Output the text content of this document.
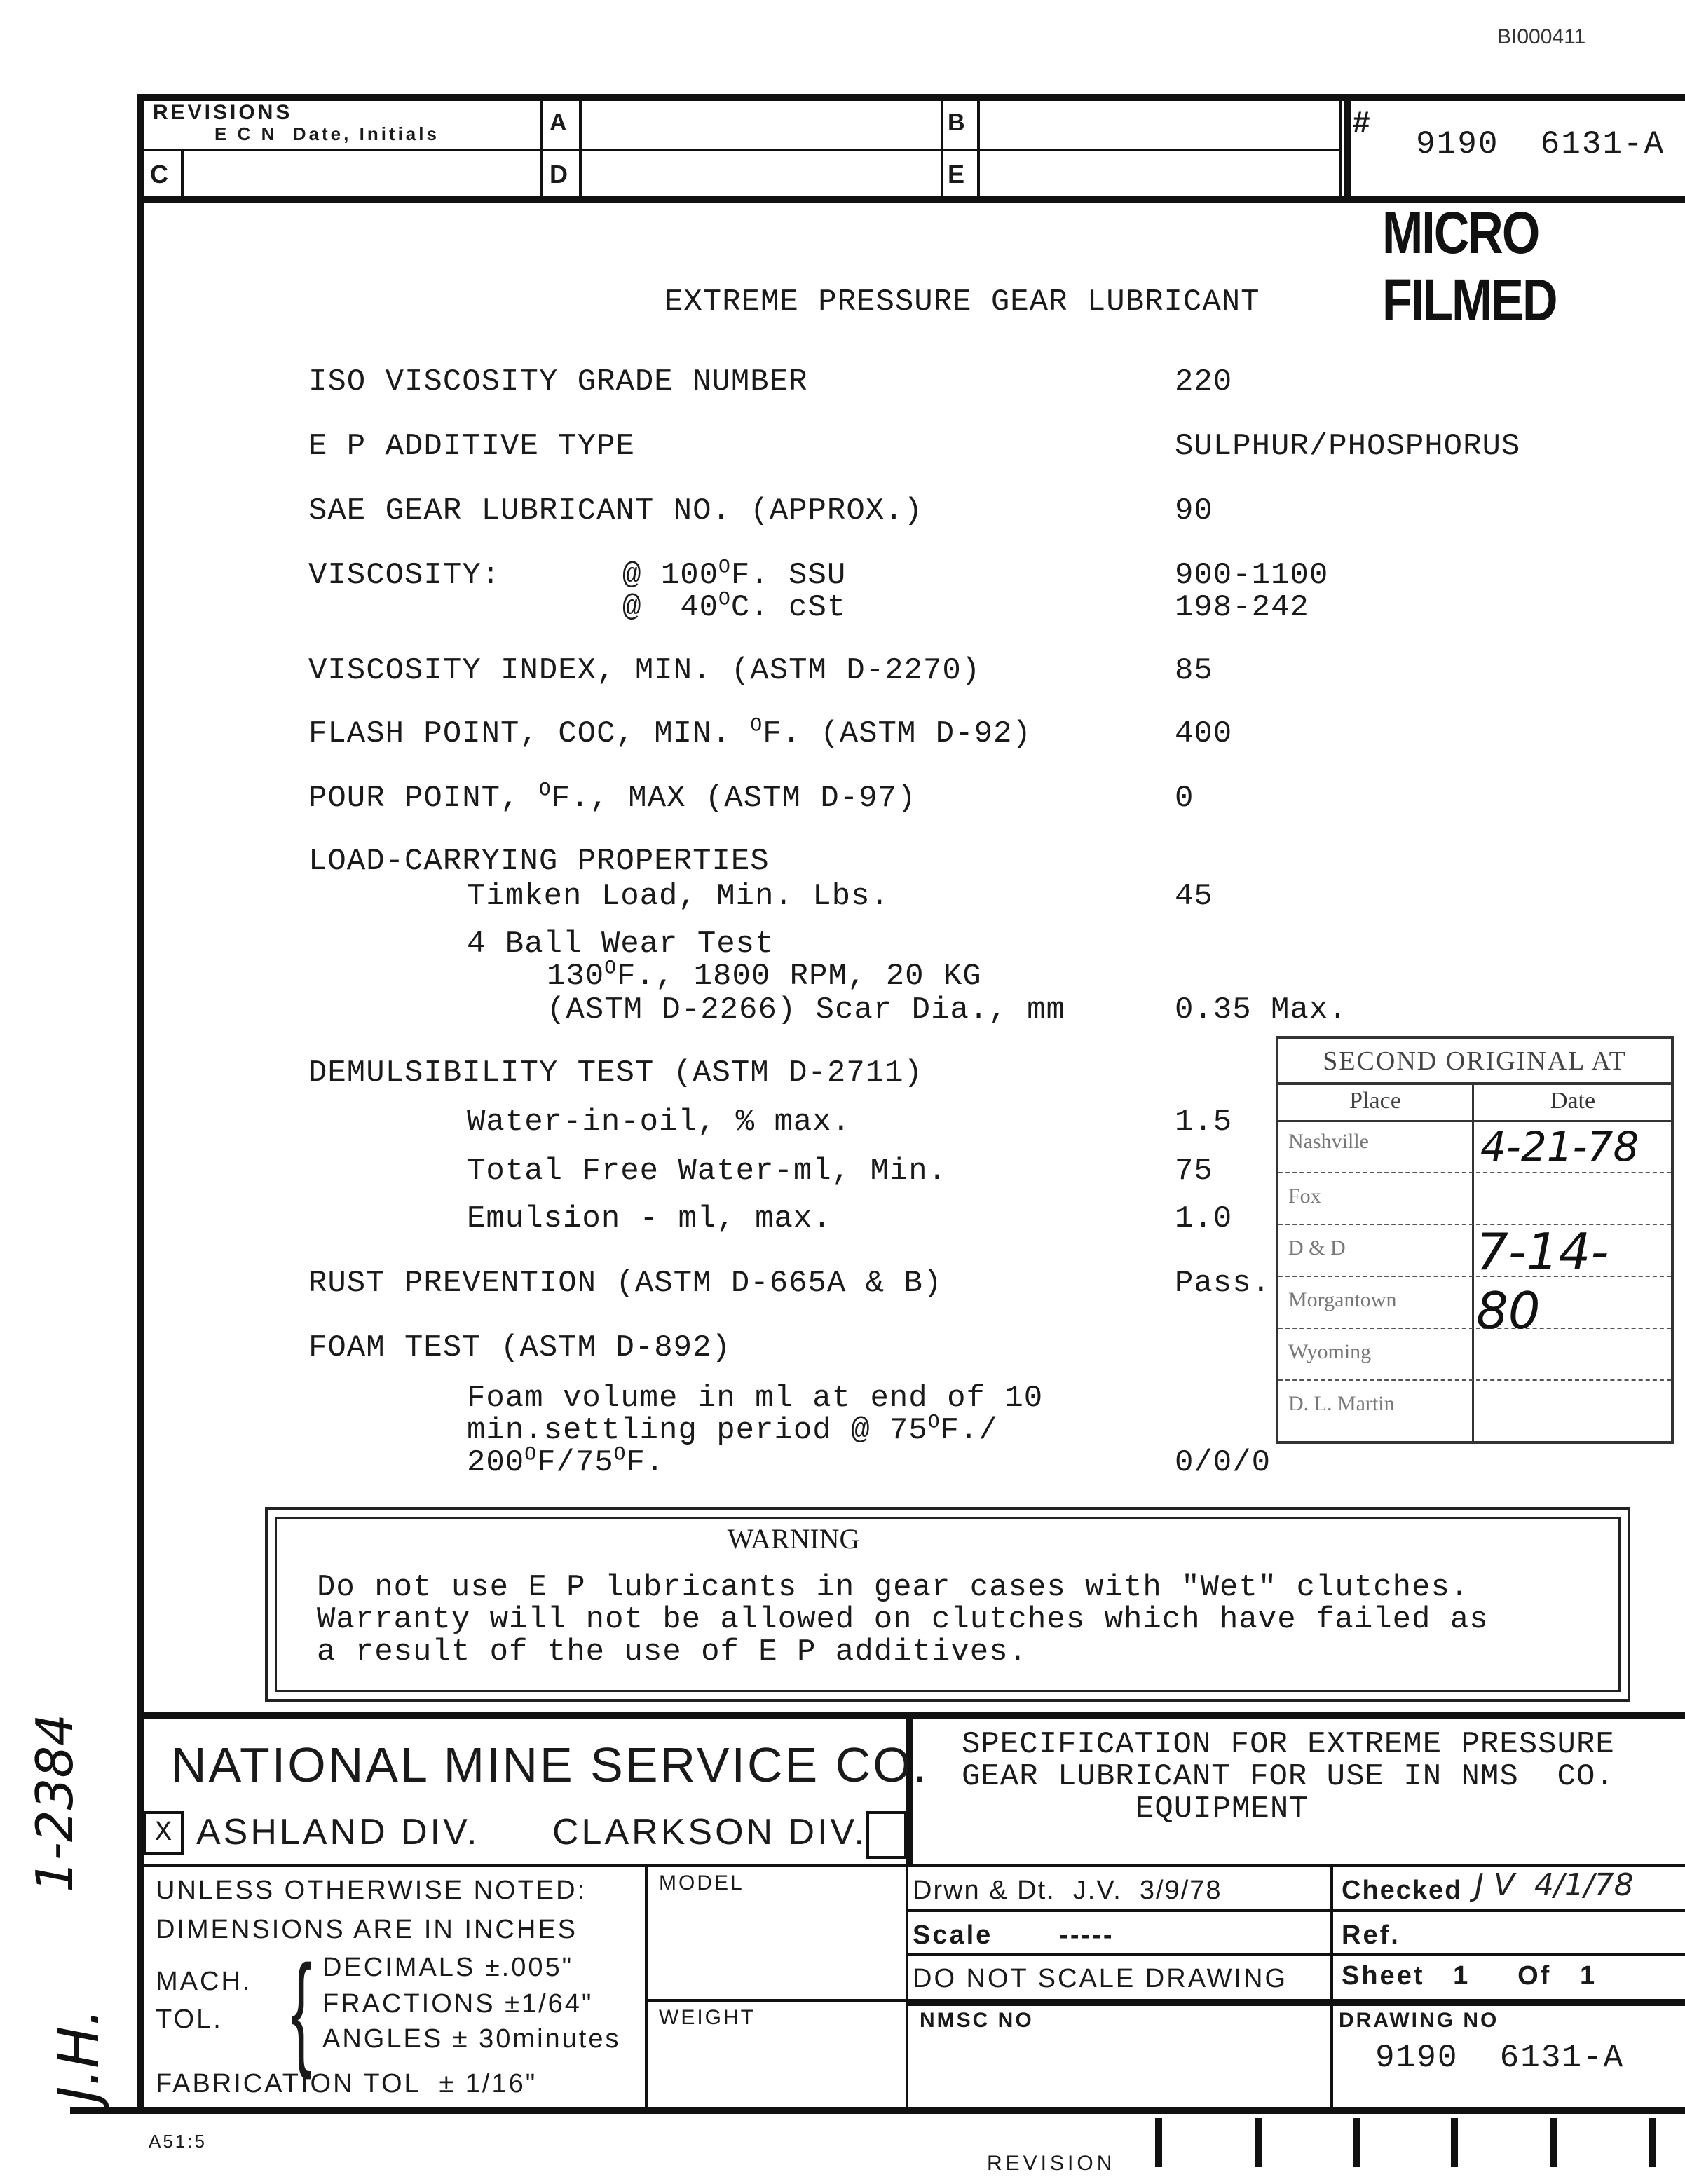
BI000411
REVISIONS
E C N  Date, Initials	A	B
C	D	E
#
9190  6131-A
MICRO FILMED
EXTREME PRESSURE GEAR LUBRICANT
ISO VISCOSITY GRADE NUMBER	220
E P ADDITIVE TYPE	SULPHUR/PHOSPHORUS
SAE GEAR LUBRICANT NO. (APPROX.)	90
VISCOSITY:	@ $100^OF$. SSU	900-1100
@  $40^OC$. cSt	198-242
VISCOSITY INDEX, MIN. (ASTM D-2270)	85
FLASH POINT, COC, MIN. $^O$F. (ASTM D-92)	400
POUR POINT, $^O$F., MAX (ASTM D-97)	0
LOAD-CARRYING PROPERTIES
Timken Load, Min. Lbs.	45
4 Ball Wear Test
$130^OF$., 1800 RPM, 20 KG
(ASTM D-2266) Scar Dia., mm	0.35 Max.
DEMULSIBILITY TEST (ASTM D-2711)
Water-in-oil, % max.	1.5
Total Free Water-ml, Min.	75
Emulsion - ml, max.	1.0
RUST PREVENTION (ASTM D-665A & B)	Pass.
FOAM TEST (ASTM D-892)
Foam volume in ml at end of 10
min.settling period @ $75^OF./$
$200^OF/75^OF$.	0/0/0
SECOND ORIGINAL AT
Place	Date
Nashville	4-21-78
Fox
D & D	7-14-80
Morgantown
Wyoming
D. L. Martin
WARNING
Do not use E P lubricants in gear cases with "Wet" clutches.
Warranty will not be allowed on clutches which have failed as
a result of the use of E P additives.
NATIONAL MINE SERVICE CO.
X ASHLAND DIV. CLARKSON DIV.
SPECIFICATION FOR EXTREME PRESSURE
GEAR LUBRICANT FOR USE IN NMS  CO.
EQUIPMENT
UNLESS OTHERWISE NOTED:
DIMENSIONS ARE IN INCHES
MACH.
TOL. { DECIMALS ±.005"
FRACTIONS ±1/64"
ANGLES ± 30minutes
FABRICATION TOL  ± 1/16"
MODEL
WEIGHT
Drwn & Dt.  J.V.  3/9/78	Checked J V  4/1/78
Scale       -----	Ref.
DO NOT SCALE DRAWING Sheet   1     Of   1
NMSC NO	DRAWING NO
9190  6131-A
REVISION
A51:5
1-2384
J.H.
